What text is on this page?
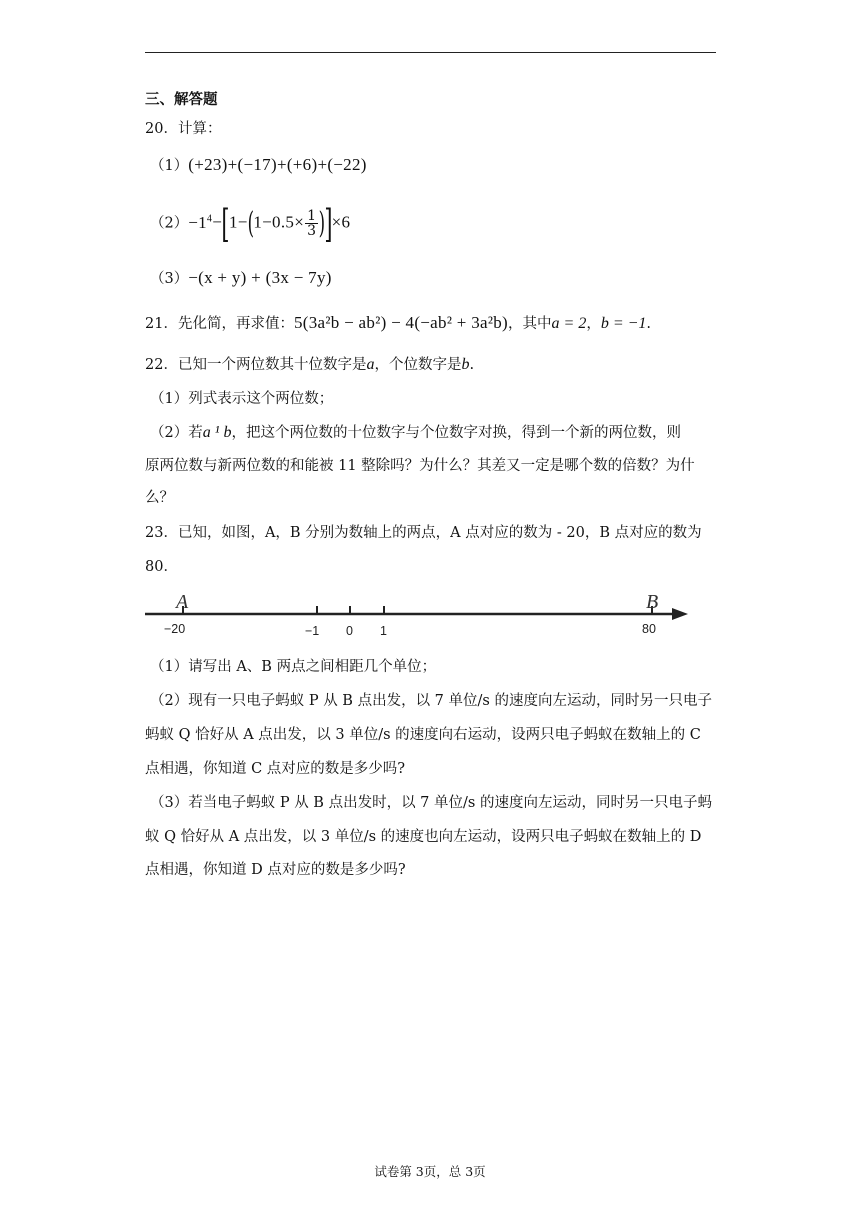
三、解答题
20．计算：
（1）(+23)+(−17)+(+6)+(−22)
$(2)-1^4-[1-(1-0.5\times \frac{1}{3} )]\times 6$
（3）−(x + y) + (3x − 7y)
21．先化简，再求值：5(3a²b − ab²) − 4(−ab² + 3a²b)，其中a = 2，b = −1.
22．已知一个两位数其十位数字是a，个位数字是b.
（1）列式表示这个两位数；
（2）若a ¹ b，把这个两位数的十位数字与个位数字对换，得到一个新的两位数，则
原两位数与新两位数的和能被 11 整除吗？为什么？其差又一定是哪个数的倍数？为什
么？
23．已知，如图，A，B 分别为数轴上的两点，A 点对应的数为 - 20，B 点对应的数为
80．
A	B
−20	−1 0 1	80
（1）请写出 A、B 两点之间相距几个单位；
（2）现有一只电子蚂蚁 P 从 B 点出发，以 7 单位/s 的速度向左运动，同时另一只电子
蚂蚁 Q 恰好从 A 点出发，以 3 单位/s 的速度向右运动，设两只电子蚂蚁在数轴上的 C
点相遇，你知道 C 点对应的数是多少吗?
（3）若当电子蚂蚁 P 从 B 点出发时，以 7 单位/s 的速度向左运动，同时另一只电子蚂
蚁 Q 恰好从 A 点出发，以 3 单位/s 的速度也向左运动，设两只电子蚂蚁在数轴上的 D
点相遇，你知道 D 点对应的数是多少吗?
试卷第 3页，总 3页
